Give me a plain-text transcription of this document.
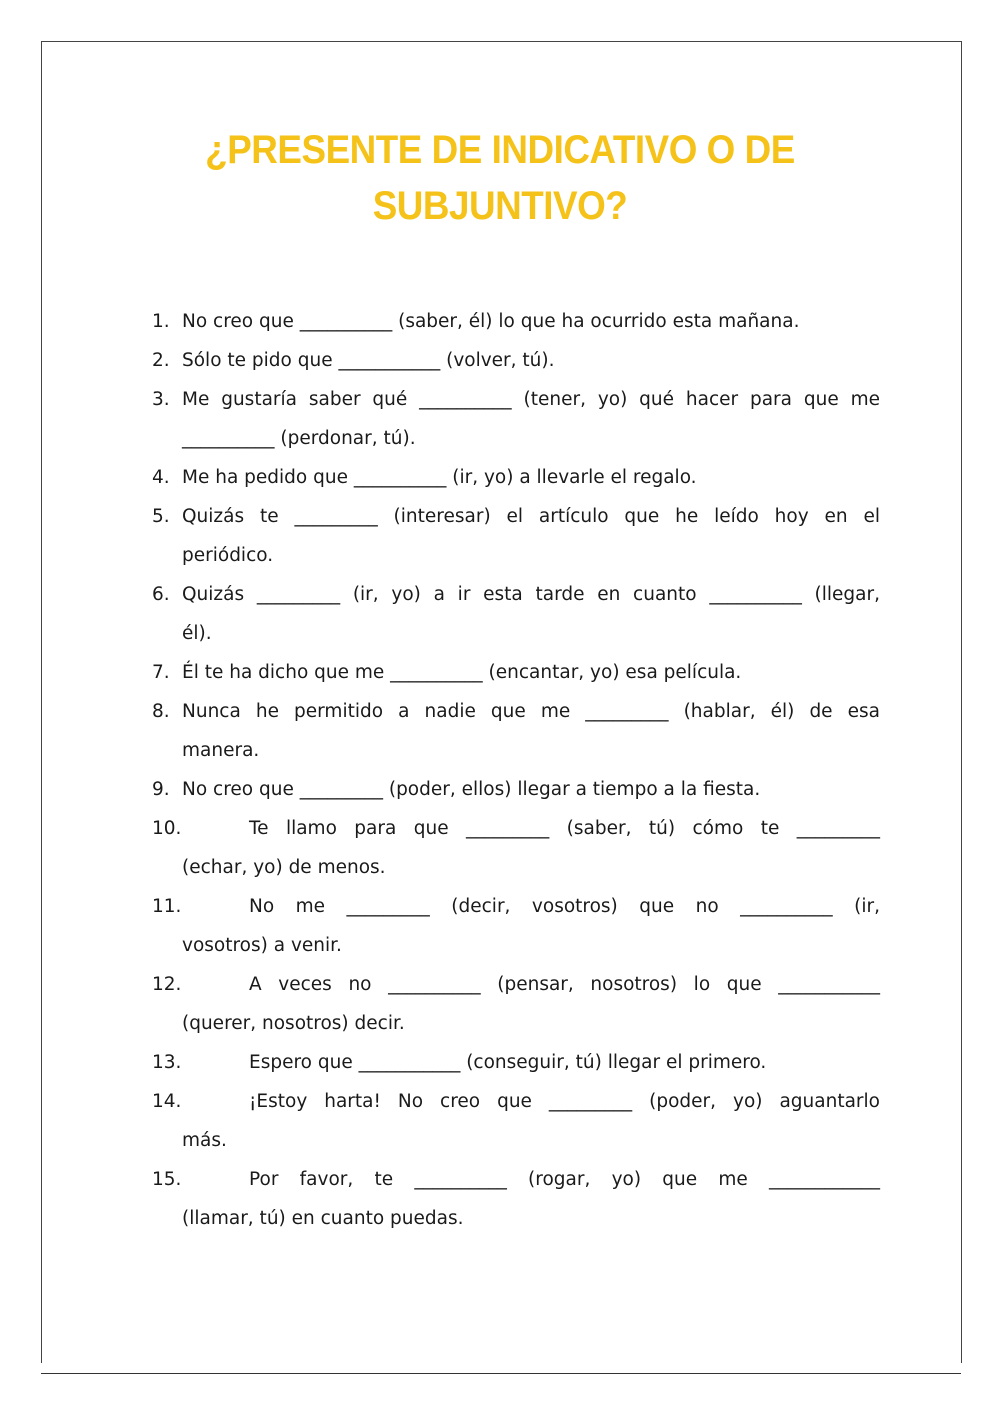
¿PRESENTE DE INDICATIVO O DE
SUBJUNTIVO?
1. No creo que __________ (saber, él) lo que ha ocurrido esta mañana.
2. Sólo te pido que ___________ (volver, tú).
3. Me gustaría saber qué __________ (tener, yo) qué hacer para que me
__________ (perdonar, tú).
4. Me ha pedido que __________ (ir, yo) a llevarle el regalo.
5. Quizás te _________ (interesar) el artículo que he leído hoy en el
periódico.
6. Quizás _________ (ir, yo) a ir esta tarde en cuanto __________ (llegar,
él).
7. Él te ha dicho que me __________ (encantar, yo) esa película.
8. Nunca he permitido a nadie que me _________ (hablar, él) de esa
manera.
9. No creo que _________ (poder, ellos) llegar a tiempo a la fiesta.
10.	Te llamo para que _________ (saber, tú) cómo te _________
(echar, yo) de menos.
11.	No me _________ (decir, vosotros) que no __________ (ir,
vosotros) a venir.
12.	A veces no __________ (pensar, nosotros) lo que ___________
(querer, nosotros) decir.
13.	Espero que ___________ (conseguir, tú) llegar el primero.
14.	¡Estoy harta! No creo que _________ (poder, yo) aguantarlo
más.
15.	Por favor, te __________ (rogar, yo) que me ____________
(llamar, tú) en cuanto puedas.
